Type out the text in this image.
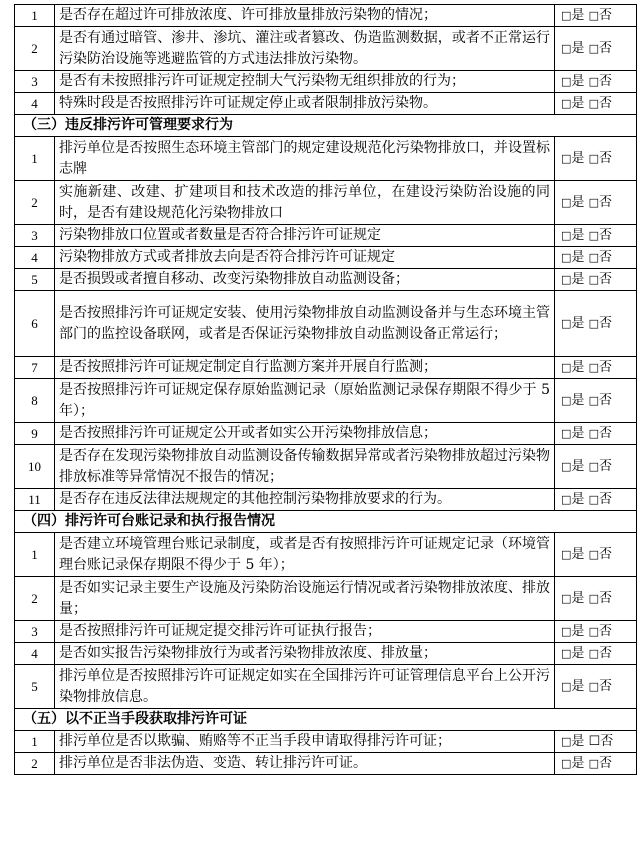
1	是否存在超过许可排放浓度、许可排放量排放污染物的情况；	□是 □否
2	是否有通过暗管、渗井、渗坑、灌注或者篡改、伪造监测数据，或者不正常运行污染防治设施等逃避监管的方式违法排放污染物。	□是 □否
3	是否有未按照排污许可证规定控制大气污染物无组织排放的行为；	□是 □否
4	特殊时段是否按照排污许可证规定停止或者限制排放污染物。	□是 □否
（三）违反排污许可管理要求行为		
1	排污单位是否按照生态环境主管部门的规定建设规范化污染物排放口，并设置标志牌	□是 □否
2	实施新建、改建、扩建项目和技术改造的排污单位，在建设污染防治设施的同时，是否有建设规范化污染物排放口	□是 □否
3	污染物排放口位置或者数量是否符合排污许可证规定	□是 □否
4	污染物排放方式或者排放去向是否符合排污许可证规定	□是 □否
5	是否损毁或者擅自移动、改变污染物排放自动监测设备；	□是 □否
6	是否按照排污许可证规定安装、使用污染物排放自动监测设备并与生态环境主管部门的监控设备联网，或者是否保证污染物排放自动监测设备正常运行；	□是 □否
7	是否按照排污许可证规定制定自行监测方案并开展自行监测；	□是 □否
8	是否按照排污许可证规定保存原始监测记录（原始监测记录保存期限不得少于 5 年）；	□是 □否
9	是否按照排污许可证规定公开或者如实公开污染物排放信息；	□是 □否
10	是否存在发现污染物排放自动监测设备传输数据异常或者污染物排放超过污染物排放标准等异常情况不报告的情况；	□是 □否
11	是否存在违反法律法规规定的其他控制污染物排放要求的行为。	□是 □否
（四）排污许可台账记录和执行报告情况		
1	是否建立环境管理台账记录制度，或者是否有按照排污许可证规定记录（环境管理台账记录保存期限不得少于 5 年）；	□是 □否
2	是否如实记录主要生产设施及污染防治设施运行情况或者污染物排放浓度、排放量；	□是 □否
3	是否按照排污许可证规定提交排污许可证执行报告；	□是 □否
4	是否如实报告污染物排放行为或者污染物排放浓度、排放量；	□是 □否
5	排污单位是否按照排污许可证规定如实在全国排污许可证管理信息平台上公开污染物排放信息。	□是 □否
（五）以不正当手段获取排污许可证		
1	排污单位是否以欺骗、贿赂等不正当手段申请取得排污许可证；	□是 ☐否
2	排污单位是否非法伪造、变造、转让排污许可证。	□是 □否
